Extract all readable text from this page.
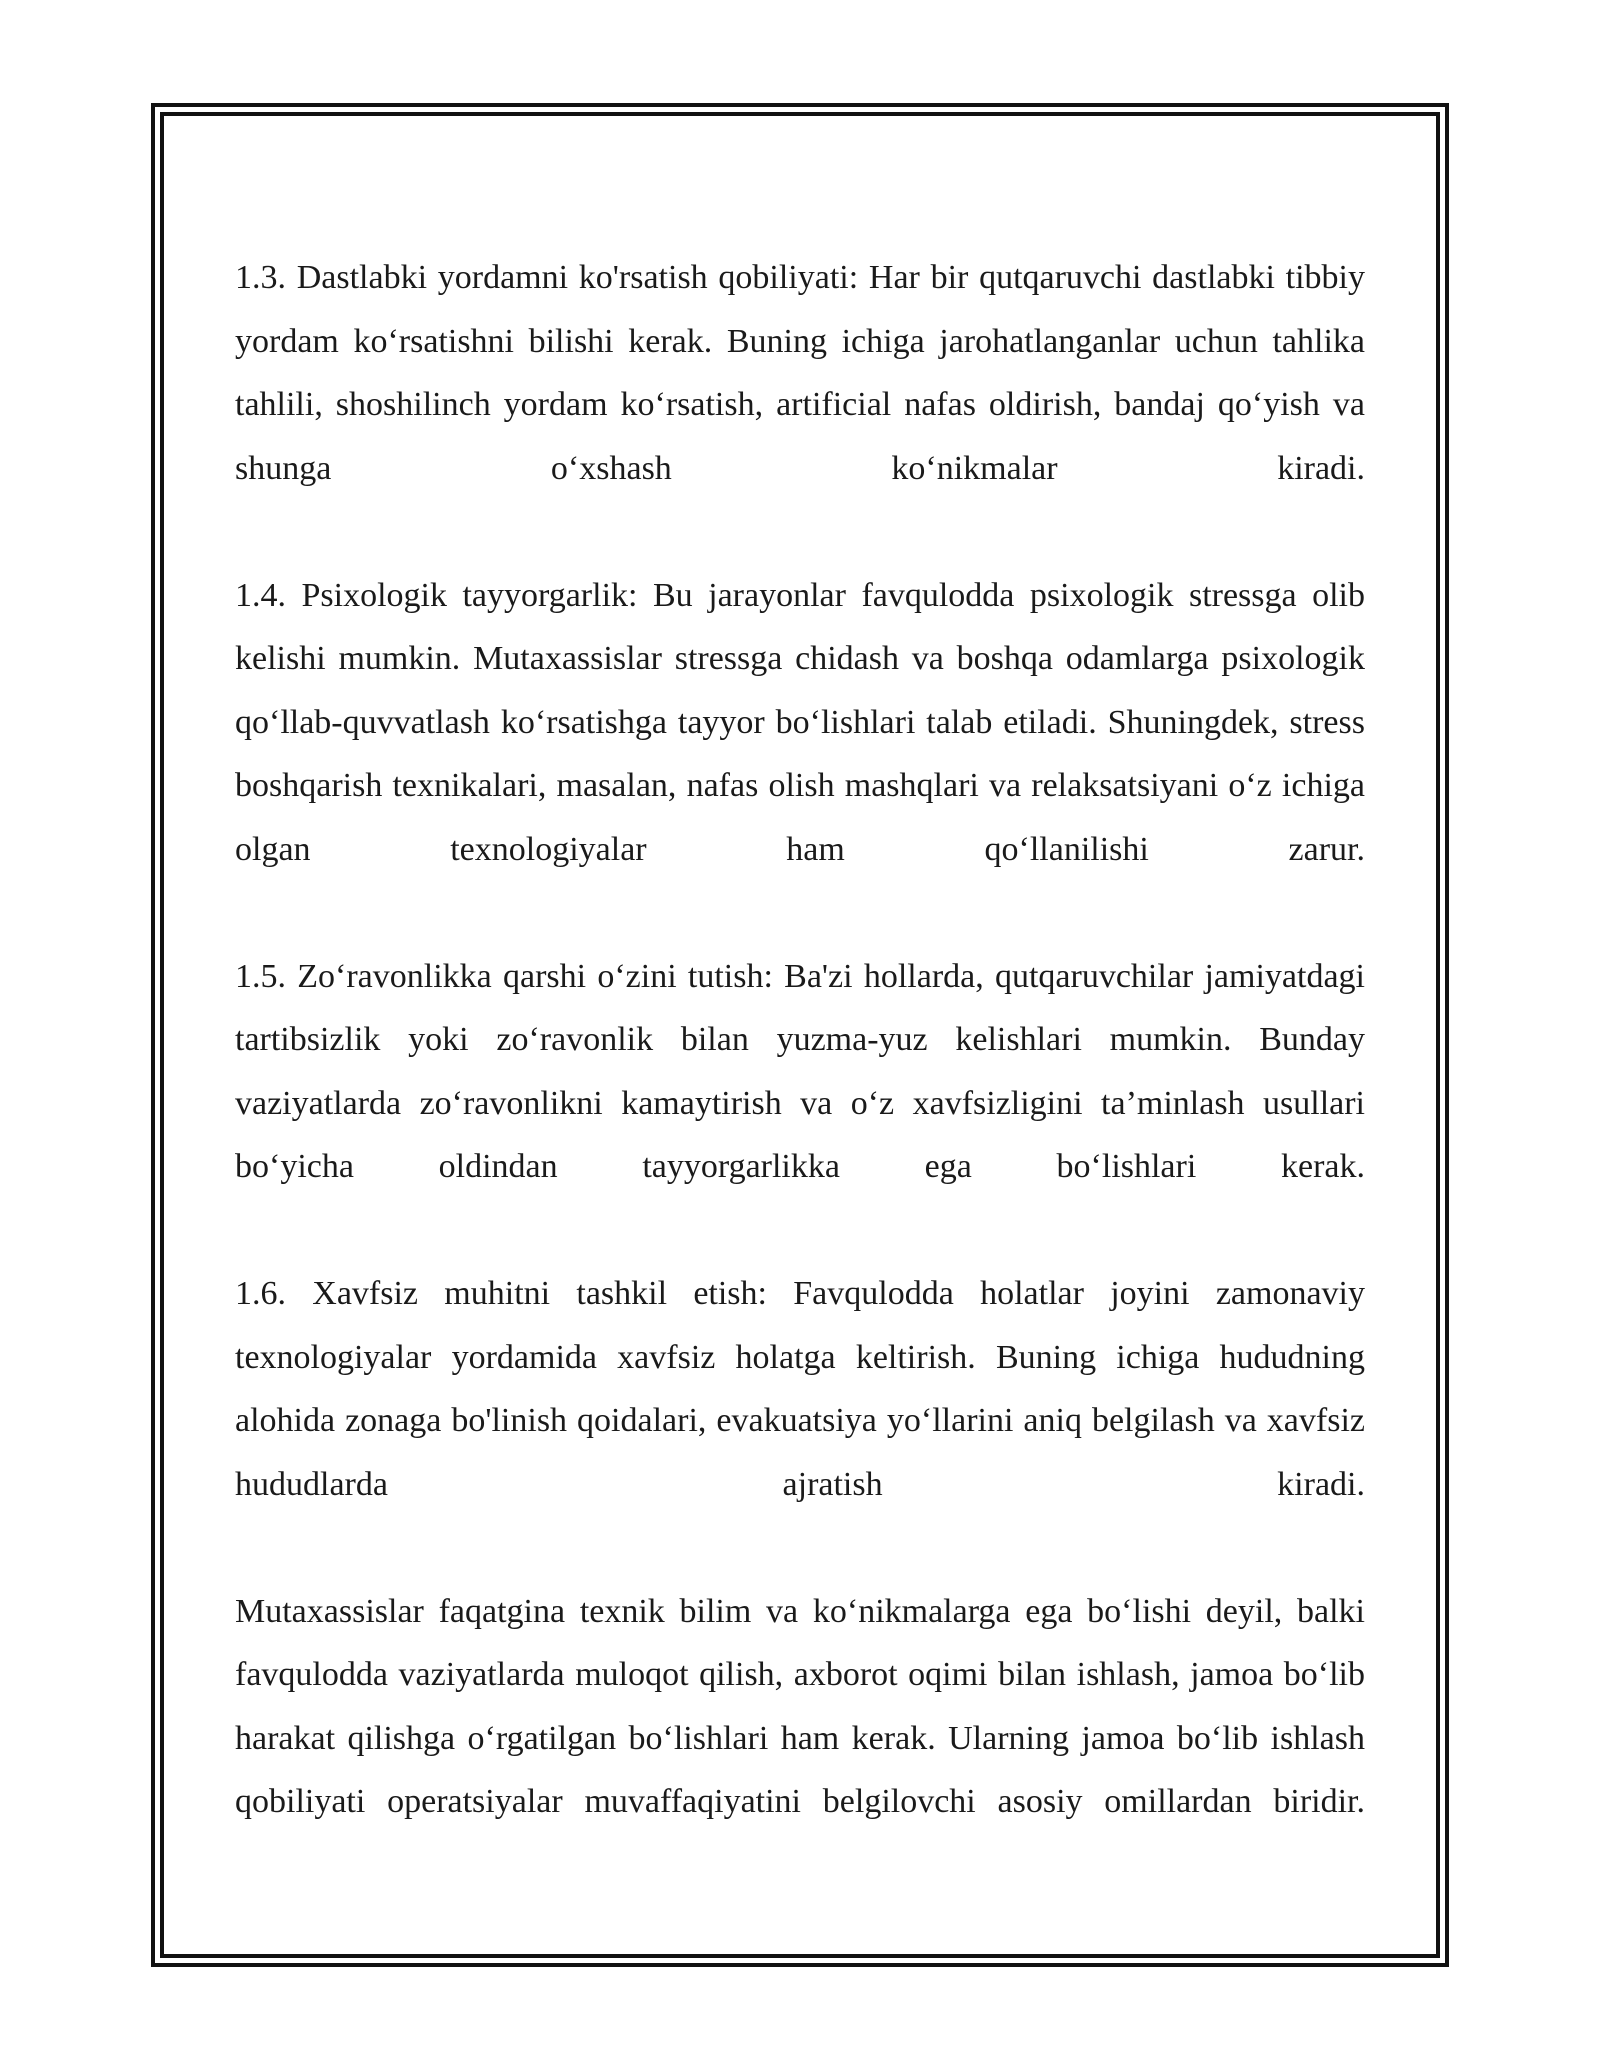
1.3. Dastlabki yordamni ko'rsatish qobiliyati: Har bir qutqaruvchi dastlabki tibbiy yordam ko‘rsatishni bilishi kerak. Buning ichiga jarohatlanganlar uchun tahlika tahlili, shoshilinch yordam ko‘rsatish, artificial nafas oldirish, bandaj qo‘yish va shunga o‘xshash ko‘nikmalar kiradi.

1.4. Psixologik tayyorgarlik: Bu jarayonlar favqulodda psixologik stressga olib kelishi mumkin. Mutaxassislar stressga chidash va boshqa odamlarga psixologik qo‘llab-quvvatlash ko‘rsatishga tayyor bo‘lishlari talab etiladi. Shuningdek, stress boshqarish texnikalari, masalan, nafas olish mashqlari va relaksatsiyani o‘z ichiga olgan texnologiyalar ham qo‘llanilishi zarur.

1.5. Zo‘ravonlikka qarshi o‘zini tutish: Ba'zi hollarda, qutqaruvchilar jamiyatdagi tartibsizlik yoki zo‘ravonlik bilan yuzma-yuz kelishlari mumkin. Bunday vaziyatlarda zo‘ravonlikni kamaytirish va o‘z xavfsizligini ta’minlash usullari bo‘yicha oldindan tayyorgarlikka ega bo‘lishlari kerak.

1.6. Xavfsiz muhitni tashkil etish: Favqulodda holatlar joyini zamonaviy texnologiyalar yordamida xavfsiz holatga keltirish. Buning ichiga hududning alohida zonaga bo'linish qoidalari, evakuatsiya yo‘llarini aniq belgilash va xavfsiz hududlarda ajratish kiradi.

Mutaxassislar faqatgina texnik bilim va ko‘nikmalarga ega bo‘lishi deyil, balki favqulodda vaziyatlarda muloqot qilish, axborot oqimi bilan ishlash, jamoa bo‘lib harakat qilishga o‘rgatilgan bo‘lishlari ham kerak. Ularning jamoa bo‘lib ishlash qobiliyati operatsiyalar muvaffaqiyatini belgilovchi asosiy omillardan biridir.
